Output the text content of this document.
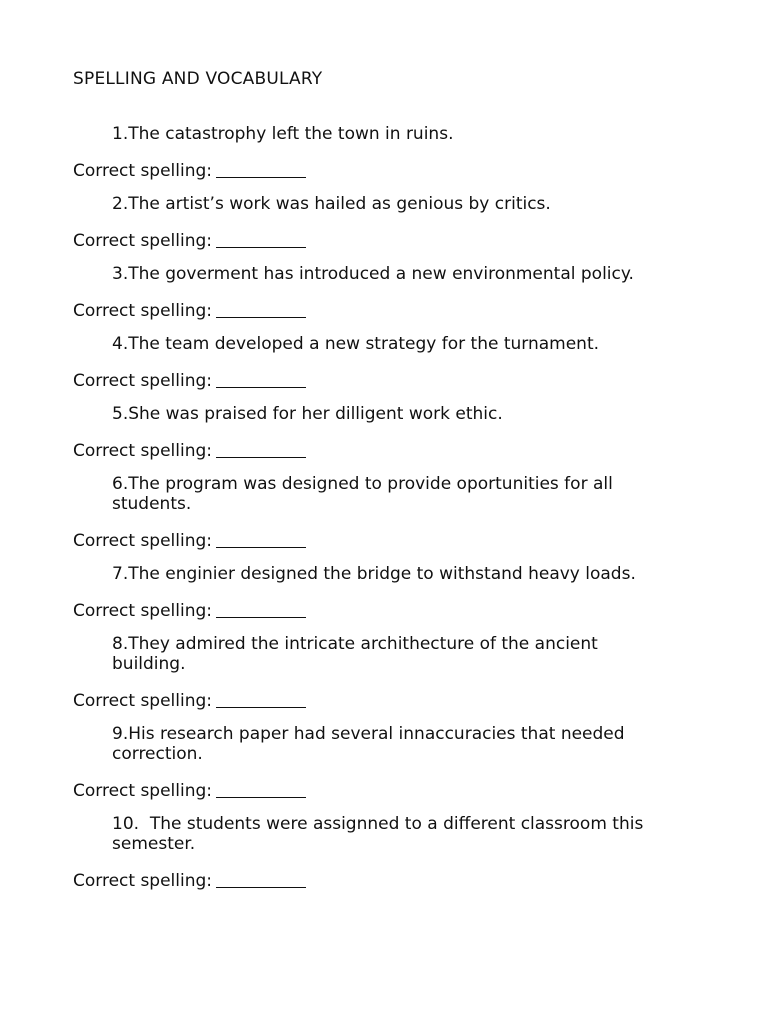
SPELLING AND VOCABULARY
1.The catastrophy left the town in ruins.
Correct spelling:
2.The artist’s work was hailed as genious by critics.
Correct spelling:
3.The goverment has introduced a new environmental policy.
Correct spelling:
4.The team developed a new strategy for the turnament.
Correct spelling:
5.She was praised for her dilligent work ethic.
Correct spelling:
6.The program was designed to provide oportunities for all students.
Correct spelling:
7.The enginier designed the bridge to withstand heavy loads.
Correct spelling:
8.They admired the intricate archithecture of the ancient building.
Correct spelling:
9.His research paper had several innaccuracies that needed correction.
Correct spelling:
10.  The students were assignned to a different classroom this semester.
Correct spelling:
